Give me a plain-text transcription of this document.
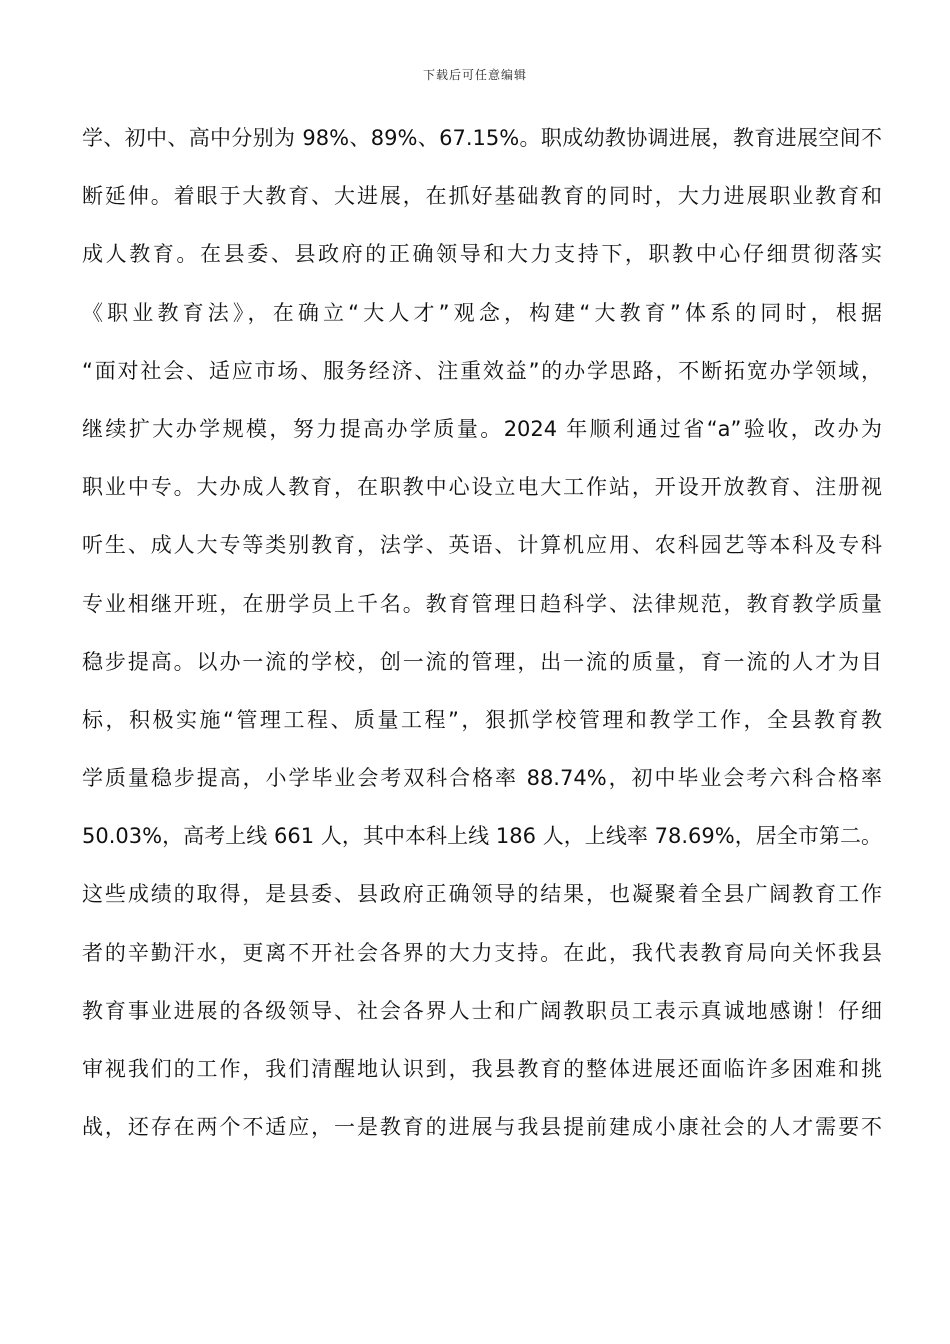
下载后可任意编辑
学、初中、高中分别为 98%、89%、67.15%。职成幼教协调进展，教育进展空间不
断延伸。着眼于大教育、大进展，在抓好基础教育的同时，大力进展职业教育和
成人教育。在县委、县政府的正确领导和大力支持下，职教中心仔细贯彻落实
《职业教育法》，在确立“大人才”观念，构建“大教育”体系的同时，根据
“面对社会、适应市场、服务经济、注重效益”的办学思路，不断拓宽办学领域，
继续扩大办学规模，努力提高办学质量。2024 年顺利通过省“a”验收，改办为
职业中专。大办成人教育，在职教中心设立电大工作站，开设开放教育、注册视
听生、成人大专等类别教育，法学、英语、计算机应用、农科园艺等本科及专科
专业相继开班，在册学员上千名。教育管理日趋科学、法律规范，教育教学质量
稳步提高。以办一流的学校，创一流的管理，出一流的质量，育一流的人才为目
标，积极实施“管理工程、质量工程”，狠抓学校管理和教学工作，全县教育教
学质量稳步提高，小学毕业会考双科合格率 88.74%，初中毕业会考六科合格率
50.03%，高考上线 661 人，其中本科上线 186 人，上线率 78.69%，居全市第二。
这些成绩的取得，是县委、县政府正确领导的结果，也凝聚着全县广阔教育工作
者的辛勤汗水，更离不开社会各界的大力支持。在此，我代表教育局向关怀我县
教育事业进展的各级领导、社会各界人士和广阔教职员工表示真诚地感谢！仔细
审视我们的工作，我们清醒地认识到，我县教育的整体进展还面临许多困难和挑
战，还存在两个不适应，一是教育的进展与我县提前建成小康社会的人才需要不
